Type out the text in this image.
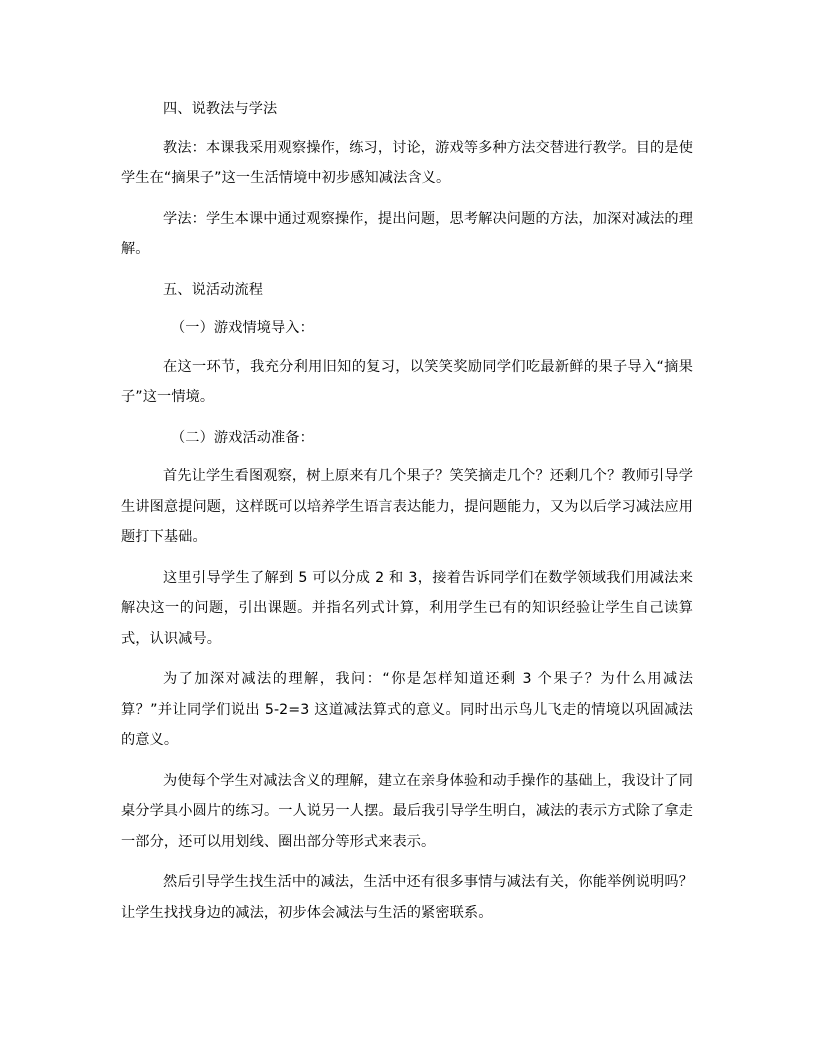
四、说教法与学法

教法：本课我采用观察操作，练习，讨论，游戏等多种方法交替进行教学。目的是使学生在“摘果子”这一生活情境中初步感知减法含义。

学法：学生本课中通过观察操作，提出问题，思考解决问题的方法，加深对减法的理解。

五、说活动流程

（一）游戏情境导入：

在这一环节，我充分利用旧知的复习，以笑笑奖励同学们吃最新鲜的果子导入“摘果子”这一情境。

（二）游戏活动准备：

首先让学生看图观察，树上原来有几个果子？笑笑摘走几个？还剩几个？教师引导学生讲图意提问题，这样既可以培养学生语言表达能力，提问题能力，又为以后学习减法应用题打下基础。

这里引导学生了解到 5 可以分成 2 和 3，接着告诉同学们在数学领域我们用减法来解决这一的问题，引出课题。并指名列式计算，利用学生已有的知识经验让学生自己读算式，认识减号。

为了加深对减法的理解，我问：“你是怎样知道还剩 3 个果子？为什么用减法算？”并让同学们说出 5-2=3 这道减法算式的意义。同时出示鸟儿飞走的情境以巩固减法的意义。

为使每个学生对减法含义的理解，建立在亲身体验和动手操作的基础上，我设计了同桌分学具小圆片的练习。一人说另一人摆。最后我引导学生明白，减法的表示方式除了拿走一部分，还可以用划线、圈出部分等形式来表示。

然后引导学生找生活中的减法，生活中还有很多事情与减法有关，你能举例说明吗？让学生找找身边的减法，初步体会减法与生活的紧密联系。
